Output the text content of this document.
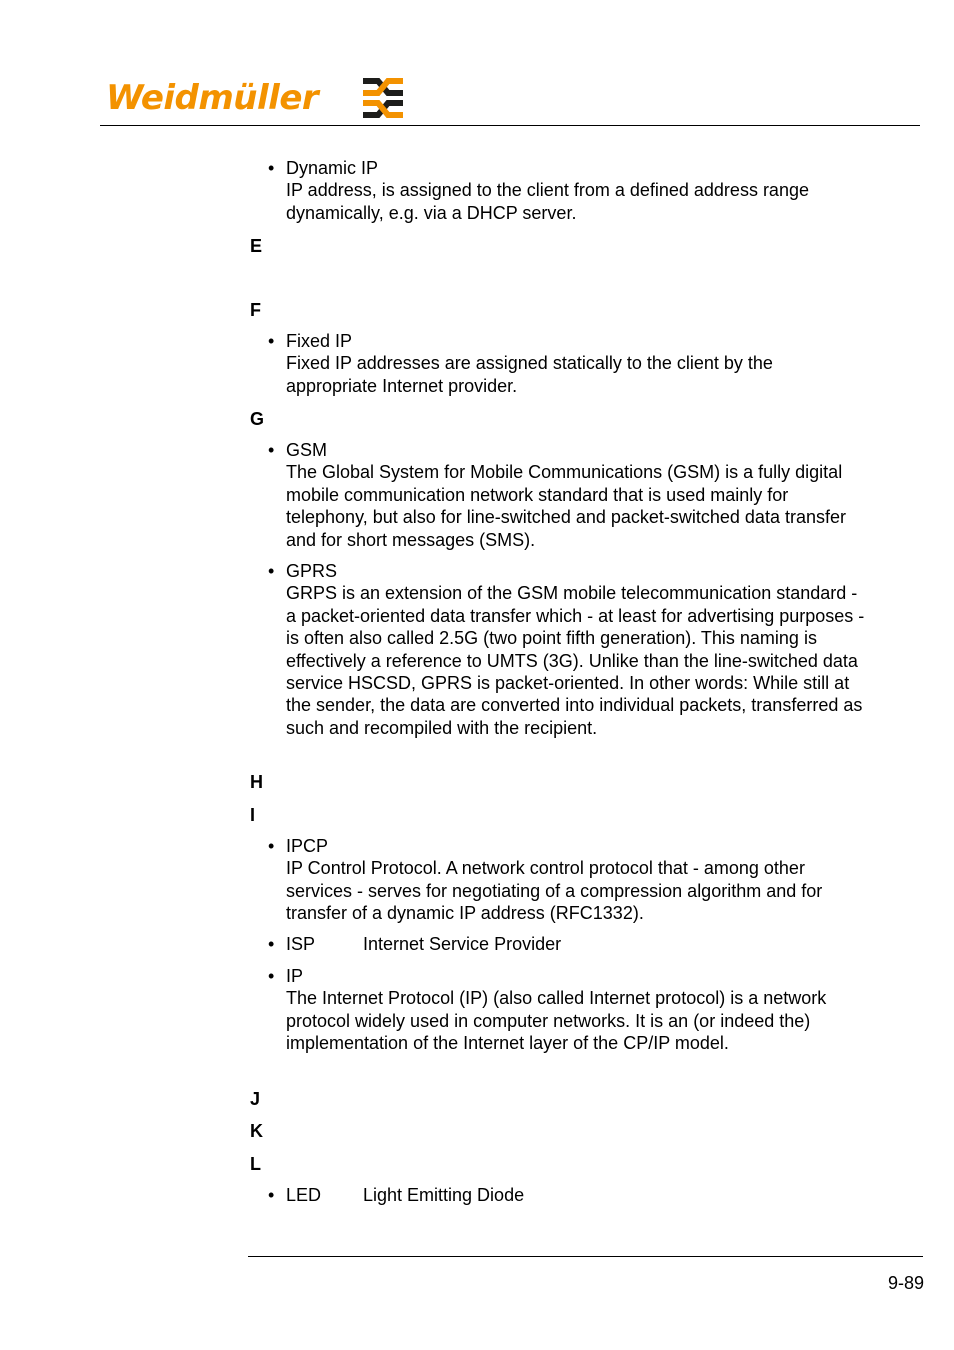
Weidmüller
• Dynamic IP
IP address, is assigned to the client from a defined address range dynamically, e.g. via a DHCP server.
E
F
• Fixed IP
Fixed IP addresses are assigned statically to the client by the appropriate Internet provider.
G
• GSM
The Global System for Mobile Communications (GSM) is a fully digital mobile communication network standard that is used mainly for telephony, but also for line-switched and packet-switched data transfer and for short messages (SMS).
• GPRS
GRPS is an extension of the GSM mobile telecommunication standard - a packet-oriented data transfer which - at least for advertising purposes - is often also called 2.5G (two point fifth generation). This naming is effectively a reference to UMTS (3G). Unlike than the line-switched data service HSCSD, GPRS is packet-oriented. In other words: While still at the sender, the data are converted into individual packets, transferred as such and recompiled with the recipient.
H
I
• IPCP
IP Control Protocol. A network control protocol that - among other services - serves for negotiating of a compression algorithm and for transfer of a dynamic IP address (RFC1332).
• ISP	Internet Service Provider
• IP
The Internet Protocol (IP) (also called Internet protocol) is a network protocol widely used in computer networks. It is an (or indeed the) implementation of the Internet layer of the CP/IP model.
J
K
L
• LED Light Emitting Diode
9-89
